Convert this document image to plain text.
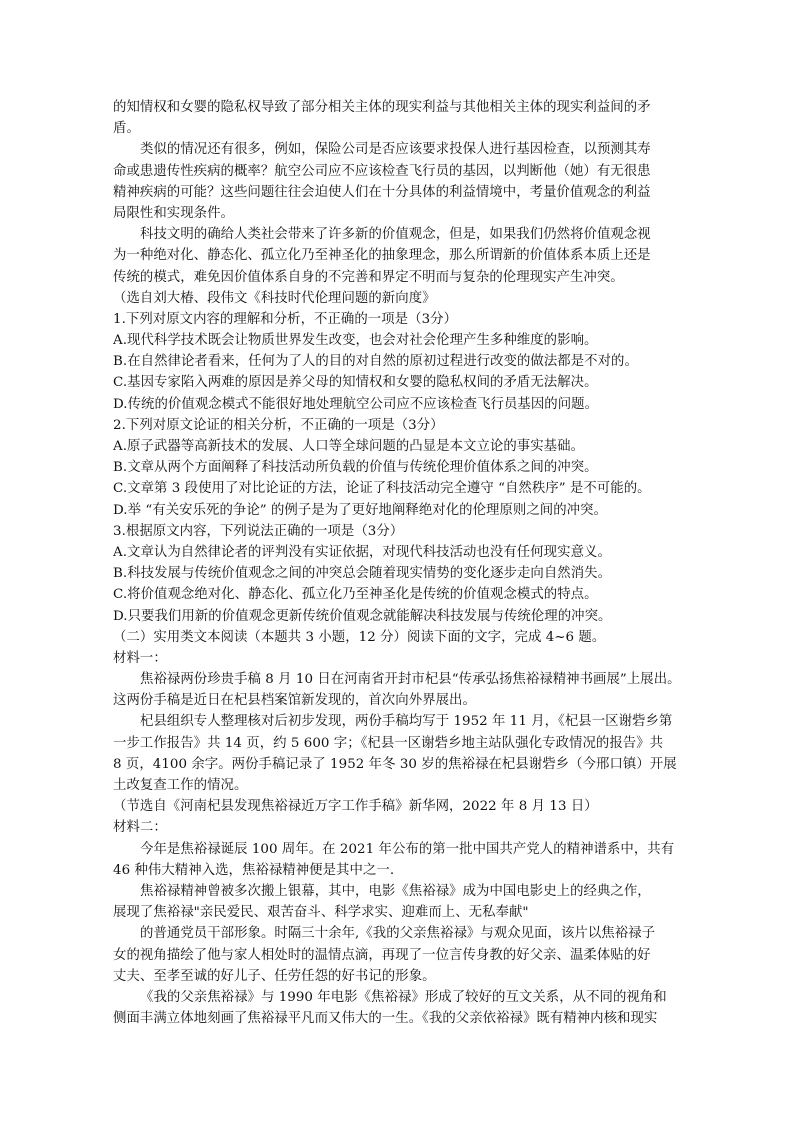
的知情权和女婴的隐私权导致了部分相关主体的现实利益与其他相关主体的现实利益间的矛
盾。
类似的情况还有很多，例如，保险公司是否应该要求投保人进行基因检查，以预测其寿
命或患遗传性疾病的概率？航空公司应不应该检查飞行员的基因，以判断他（她）有无很患
精神疾病的可能？这些问题往往会迫使人们在十分具体的利益情境中，考量价值观念的利益
局限性和实现条件。
科技文明的确给人类社会带来了许多新的价值观念，但是，如果我们仍然将价值观念视
为一种绝对化、静态化、孤立化乃至神圣化的抽象理念，那么所谓新的价值体系本质上还是
传统的模式，难免因价值体系自身的不完善和界定不明而与复杂的伦理现实产生冲突。
（选自刘大椿、段伟文《科技时代伦理问题的新向度》
1.下列对原文内容的理解和分析，不正确的一项是（3分）
A.现代科学技术既会让物质世界发生改变，也会对社会伦理产生多种维度的影响。
B.在自然律论者看来，任何为了人的目的对自然的原初过程进行改变的做法都是不对的。
C.基因专家陷入两难的原因是养父母的知情权和女婴的隐私权间的矛盾无法解决。
D.传统的价值观念模式不能很好地处理航空公司应不应该检查飞行员基因的问题。
2.下列对原文论证的相关分析，不正确的一项是（3分）
A.原子武器等高新技术的发展、人口等全球问题的凸显是本文立论的事实基础。
B.文章从两个方面阐释了科技活动所负载的价值与传统伦理价值体系之间的冲突。
C.文章第 3 段使用了对比论证的方法，论证了科技活动完全遵守 “自然秩序” 是不可能的。
D.举 “有关安乐死的争论” 的例子是为了更好地阐释绝对化的伦理原则之间的冲突。
3.根据原文内容，下列说法正确的一项是（3分）
A.文章认为自然律论者的评判没有实证依据，对现代科技活动也没有任何现实意义。
B.科技发展与传统价值观念之间的冲突总会随着现实情势的变化逐步走向自然消失。
C.将价值观念绝对化、静态化、孤立化乃至神圣化是传统的价值观念模式的特点。
D.只要我们用新的价值观念更新传统价值观念就能解决科技发展与传统伦理的冲突。
（二）实用类文本阅读（本题共 3 小题，12 分）阅读下面的文字，完成 4~6 题。
材料一：
焦裕禄两份珍贵手稿 8 月 10 日在河南省开封市杞县“传承弘扬焦裕禄精神书画展”上展出。
这两份手稿是近日在杞县档案馆新发现的，首次向外界展出。
杞县组织专人整理核对后初步发现，两份手稿均写于 1952 年 11 月，《杞县一区谢砦乡第
一步工作报告》共 14 页，约 5 600 字；《杞县一区谢砦乡地主站队强化专政情况的报告》共
8 页，4100 余字。两份手稿记录了 1952 年冬 30 岁的焦裕禄在杞县谢砦乡（今邢口镇）开展
土改复查工作的情况。
（节选自《河南杞县发现焦裕禄近万字工作手稿》新华网，2022 年 8 月 13 日）
材料二：
今年是焦裕禄诞辰 100 周年。在 2021 年公布的第一批中国共产党人的精神谱系中，共有
46 种伟大精神入选，焦裕禄精神便是其中之一.
焦裕禄精神曾被多次搬上银幕，其中，电影《焦裕禄》成为中国电影史上的经典之作，
展现了焦裕禄"亲民爱民、艰苦奋斗、科学求实、迎难而上、无私奉献"
的普通党员干部形象。时隔三十余年,《我的父亲焦裕禄》与观众见面，该片以焦裕禄子
女的视角描绘了他与家人相处时的温情点滴，再现了一位言传身教的好父亲、温柔体贴的好
丈夫、至孝至诚的好儿子、任劳任怨的好书记的形象。
《我的父亲焦裕禄》与 1990 年电影《焦裕禄》形成了较好的互文关系，从不同的视角和
侧面丰满立体地刻画了焦裕禄平凡而又伟大的一生。《我的父亲依裕禄》既有精神内核和现实
